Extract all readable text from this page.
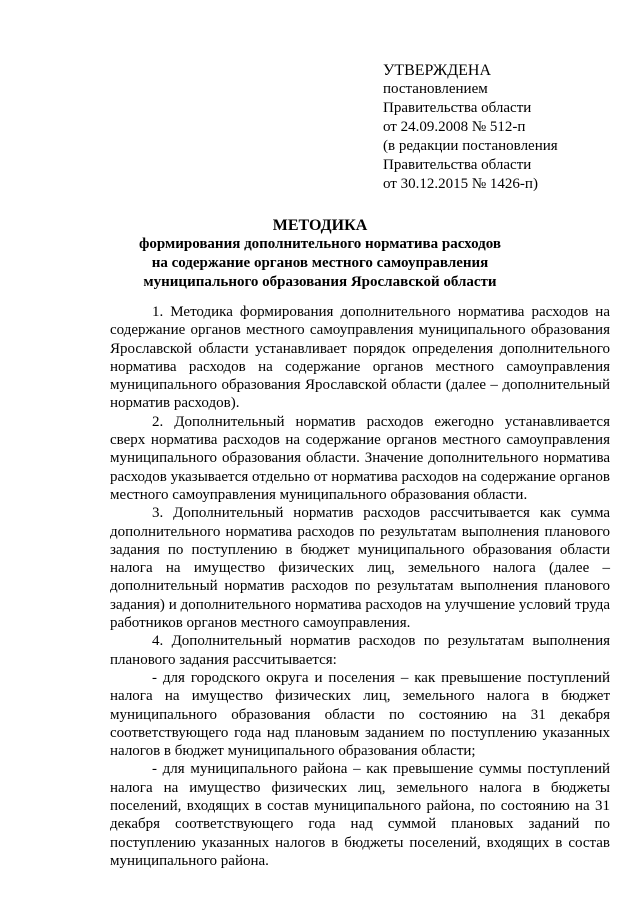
УТВЕРЖДЕНА
постановлением
Правительства области
от 24.09.2008 № 512-п
(в редакции постановления
Правительства области
от 30.12.2015 № 1426-п)
МЕТОДИКА
формирования дополнительного норматива расходов
на содержание органов местного самоуправления
муниципального образования Ярославской области

1. Методика формирования дополнительного норматива расходов на содержание органов местного самоуправления муниципального образования Ярославской области устанавливает порядок определения дополнительного норматива расходов на содержание органов местного самоуправления муниципального образования Ярославской области (далее – дополнительный норматив расходов).

2. Дополнительный норматив расходов ежегодно устанавливается сверх норматива расходов на содержание органов местного самоуправления муниципального образования области. Значение дополнительного норматива расходов указывается отдельно от норматива расходов на содержание органов местного самоуправления муниципального образования области.

3. Дополнительный норматив расходов рассчитывается как сумма дополнительного норматива расходов по результатам выполнения планового задания по поступлению в бюджет муниципального образования области налога на имущество физических лиц, земельного налога (далее – дополнительный норматив расходов по результатам выполнения планового задания) и дополнительного норматива расходов на улучшение условий труда работников органов местного самоуправления.

4. Дополнительный норматив расходов по результатам выполнения планового задания рассчитывается:

- для городского округа и поселения – как превышение поступлений налога на имущество физических лиц, земельного налога в бюджет муниципального образования области по состоянию на 31 декабря соответствующего года над плановым заданием по поступлению указанных налогов в бюджет муниципального образования области;

- для муниципального района – как превышение суммы поступлений налога на имущество физических лиц, земельного налога в бюджеты поселений, входящих в состав муниципального района, по состоянию на 31 декабря соответствующего года над суммой плановых заданий по поступлению указанных налогов в бюджеты поселений, входящих в состав муниципального района.
